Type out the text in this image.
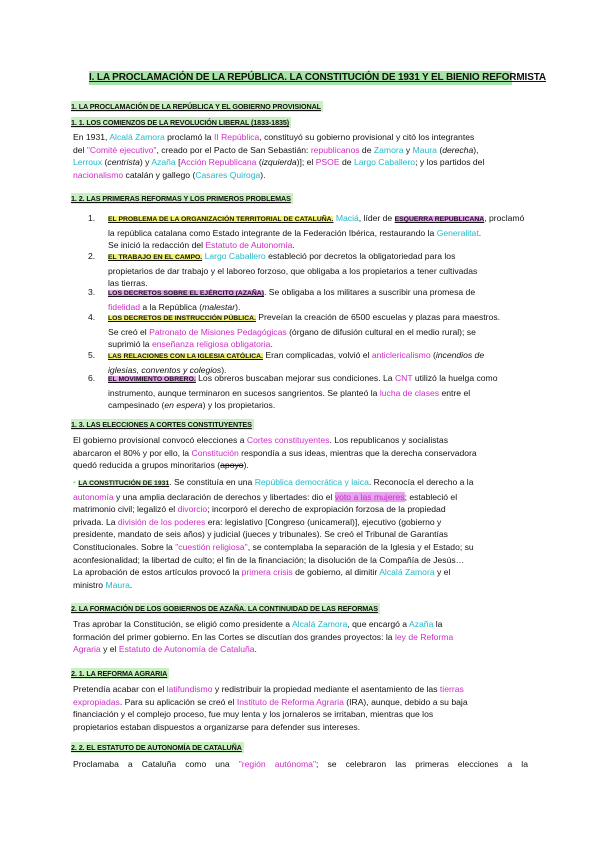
I. LA PROCLAMACIÓN DE LA REPÚBLICA. LA CONSTITUCIÓN DE 1931 Y EL BIENIO REFORMISTA
1. LA PROCLAMACIÓN DE LA REPÚBLICA Y EL GOBIERNO PROVISIONAL
1. 1. LOS COMIENZOS DE LA REVOLUCIÓN LIBERAL (1833-1835)
En 1931, Alcalá Zamora proclamó la II República, constituyó su gobierno provisional y citó los integrantes
del "Comité ejecutivo", creado por el Pacto de San Sebastián: republicanos de Zamora y Maura (derecha),
Lerroux (centrista) y Azaña [Acción Republicana (izquierda)]; el PSOE de Largo Caballero; y los partidos del
nacionalismo catalán y gallego (Casares Quiroga).
1. 2. LAS PRIMERAS REFORMAS Y LOS PRIMEROS PROBLEMAS
1. EL PROBLEMA DE LA ORGANIZACIÓN TERRITORIAL DE CATALUÑA. Maciá, líder de ESQUERRA REPUBLICANA, proclamó
la república catalana como Estado integrante de la Federación Ibérica, restaurando la Generalitat.
Se inició la redacción del Estatuto de Autonomía.
2. EL TRABAJO EN EL CAMPO. Largo Caballero estableció por decretos la obligatoriedad para los
propietarios de dar trabajo y el laboreo forzoso, que obligaba a los propietarios a tener cultivadas
las tierras.
3. LOS DECRETOS SOBRE EL EJÉRCITO (AZAÑA). Se obligaba a los militares a suscribir una promesa de
fidelidad a la República (malestar).
4. LOS DECRETOS DE INSTRUCCIÓN PÚBLICA. Preveían la creación de 6500 escuelas y plazas para maestros.
Se creó el Patronato de Misiones Pedagógicas (órgano de difusión cultural en el medio rural); se
suprimió la enseñanza religiosa obligatoria.
5. LAS RELACIONES CON LA IGLESIA CATÓLICA. Eran complicadas, volvió el anticlericalismo (incendios de
iglesias, conventos y colegios).
6. EL MOVIMIENTO OBRERO. Los obreros buscaban mejorar sus condiciones. La CNT utilizó la huelga como
instrumento, aunque terminaron en sucesos sangrientos. Se planteó la lucha de clases entre el
campesinado (en espera) y los propietarios.
1. 3. LAS ELECCIONES A CORTES CONSTITUYENTES
El gobierno provisional convocó elecciones a Cortes constituyentes. Los republicanos y socialistas
abarcaron el 80% y por ello, la Constitución respondía a sus ideas, mientras que la derecha conservadora
quedó reducida a grupos minoritarios (apoyo).
• LA CONSTITUCIÓN DE 1931. Se constituía en una República democrática y laica. Reconocía el derecho a la
autonomía y una amplia declaración de derechos y libertades: dio el voto a las mujeres; estableció el
matrimonio civil; legalizó el divorcio; incorporó el derecho de expropiación forzosa de la propiedad
privada. La división de los poderes era: legislativo [Congreso (unicameral)], ejecutivo (gobierno y
presidente, mandato de seis años) y judicial (jueces y tribunales). Se creó el Tribunal de Garantías
Constitucionales. Sobre la "cuestión religiosa", se contemplaba la separación de la Iglesia y el Estado; su
aconfesionalidad; la libertad de culto; el fin de la financiación; la disolución de la Compañía de Jesús…
La aprobación de estos artículos provocó la primera crisis de gobierno, al dimitir Alcalá Zamora y el
ministro Maura.
2. LA FORMACIÓN DE LOS GOBIERNOS DE AZAÑA. LA CONTINUIDAD DE LAS REFORMAS
Tras aprobar la Constitución, se eligió como presidente a Alcalá Zamora, que encargó a Azaña la
formación del primer gobierno. En las Cortes se discutían dos grandes proyectos: la ley de Reforma
Agraria y el Estatuto de Autonomía de Cataluña.
2. 1. LA REFORMA AGRARIA
Pretendía acabar con el latifundismo y redistribuir la propiedad mediante el asentamiento de las tierras
expropiadas. Para su aplicación se creó el Instituto de Reforma Agraria (IRA), aunque, debido a su baja
financiación y el complejo proceso, fue muy lenta y los jornaleros se irritaban, mientras que los
propietarios estaban dispuestos a organizarse para defender sus intereses.
2. 2. EL ESTATUTO DE AUTONOMÍA DE CATALUÑA
Proclamaba a Cataluña como una "región autónoma"; se celebraron las primeras elecciones a la
